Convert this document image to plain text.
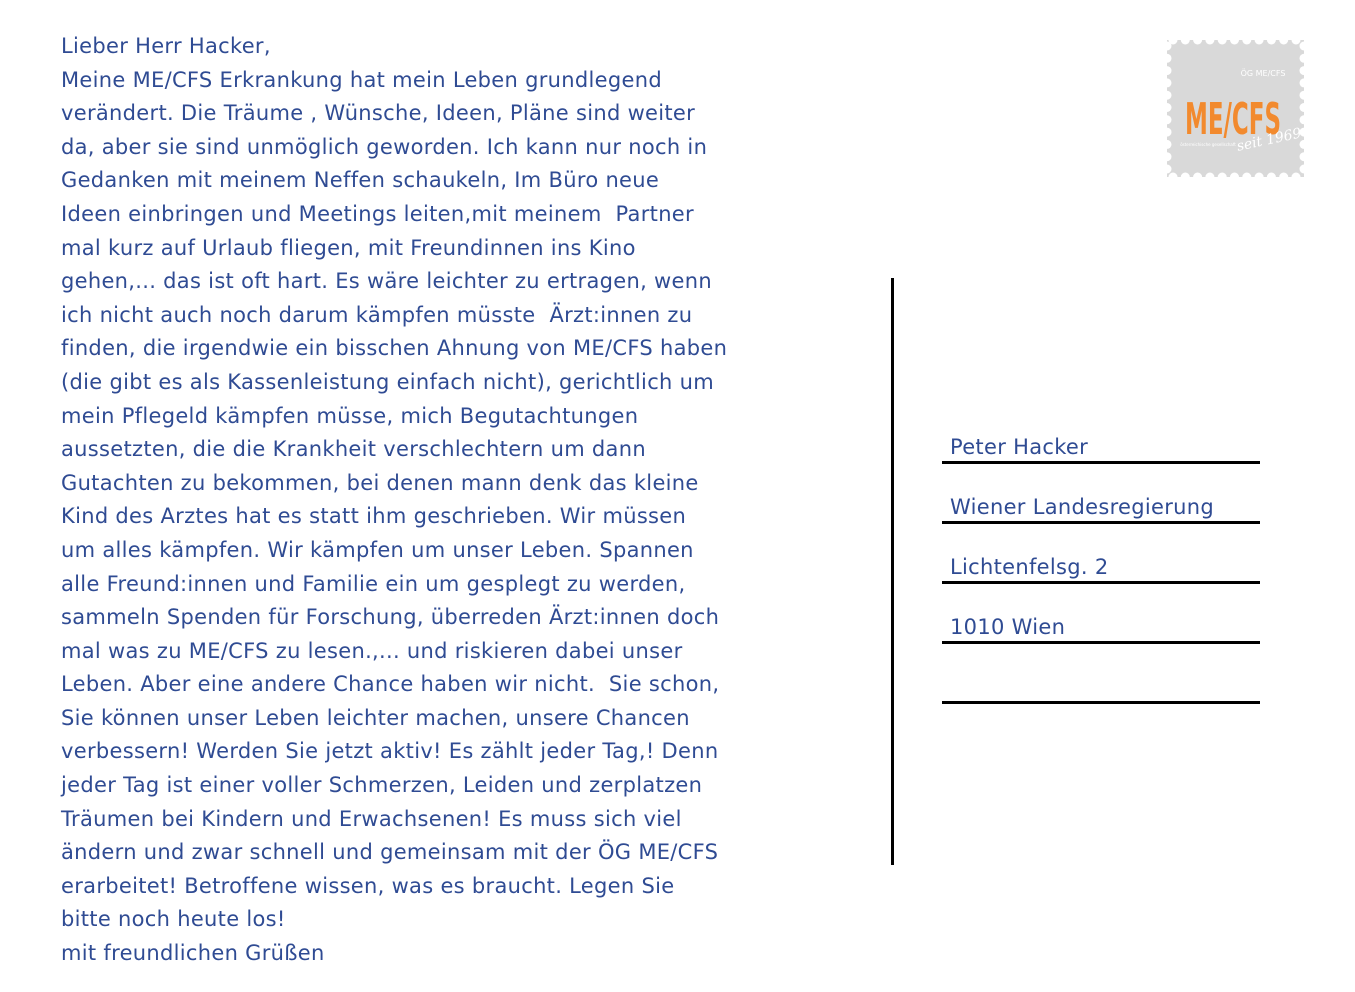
Lieber Herr Hacker,
Meine ME/CFS Erkrankung hat mein Leben grundlegend
verändert. Die Träume , Wünsche, Ideen, Pläne sind weiter
da, aber sie sind unmöglich geworden. Ich kann nur noch in
Gedanken mit meinem Neffen schaukeln, Im Büro neue
Ideen einbringen und Meetings leiten,mit meinem  Partner
mal kurz auf Urlaub fliegen, mit Freundinnen ins Kino
gehen,... das ist oft hart. Es wäre leichter zu ertragen, wenn
ich nicht auch noch darum kämpfen müsste  Ärzt:innen zu
finden, die irgendwie ein bisschen Ahnung von ME/CFS haben
(die gibt es als Kassenleistung einfach nicht), gerichtlich um
mein Pflegeld kämpfen müsse, mich Begutachtungen
aussetzten, die die Krankheit verschlechtern um dann
Gutachten zu bekommen, bei denen mann denk das kleine
Kind des Arztes hat es statt ihm geschrieben. Wir müssen
um alles kämpfen. Wir kämpfen um unser Leben. Spannen
alle Freund:innen und Familie ein um gesplegt zu werden,
sammeln Spenden für Forschung, überreden Ärzt:innen doch
mal was zu ME/CFS zu lesen.,... und riskieren dabei unser
Leben. Aber eine andere Chance haben wir nicht.  Sie schon,
Sie können unser Leben leichter machen, unsere Chancen
verbessern! Werden Sie jetzt aktiv! Es zählt jeder Tag,! Denn
jeder Tag ist einer voller Schmerzen, Leiden und zerplatzen
Träumen bei Kindern und Erwachsenen! Es muss sich viel
ändern und zwar schnell und gemeinsam mit der ÖG ME/CFS
erarbeitet! Betroffene wissen, was es braucht. Legen Sie
bitte noch heute los!
mit freundlichen Grüßen
Peter Hacker
Wiener Landesregierung
Lichtenfelsg. 2
1010 Wien
ÖG ME/CFS
ME/CFS
seit 1969
österreichische gesellschaft
